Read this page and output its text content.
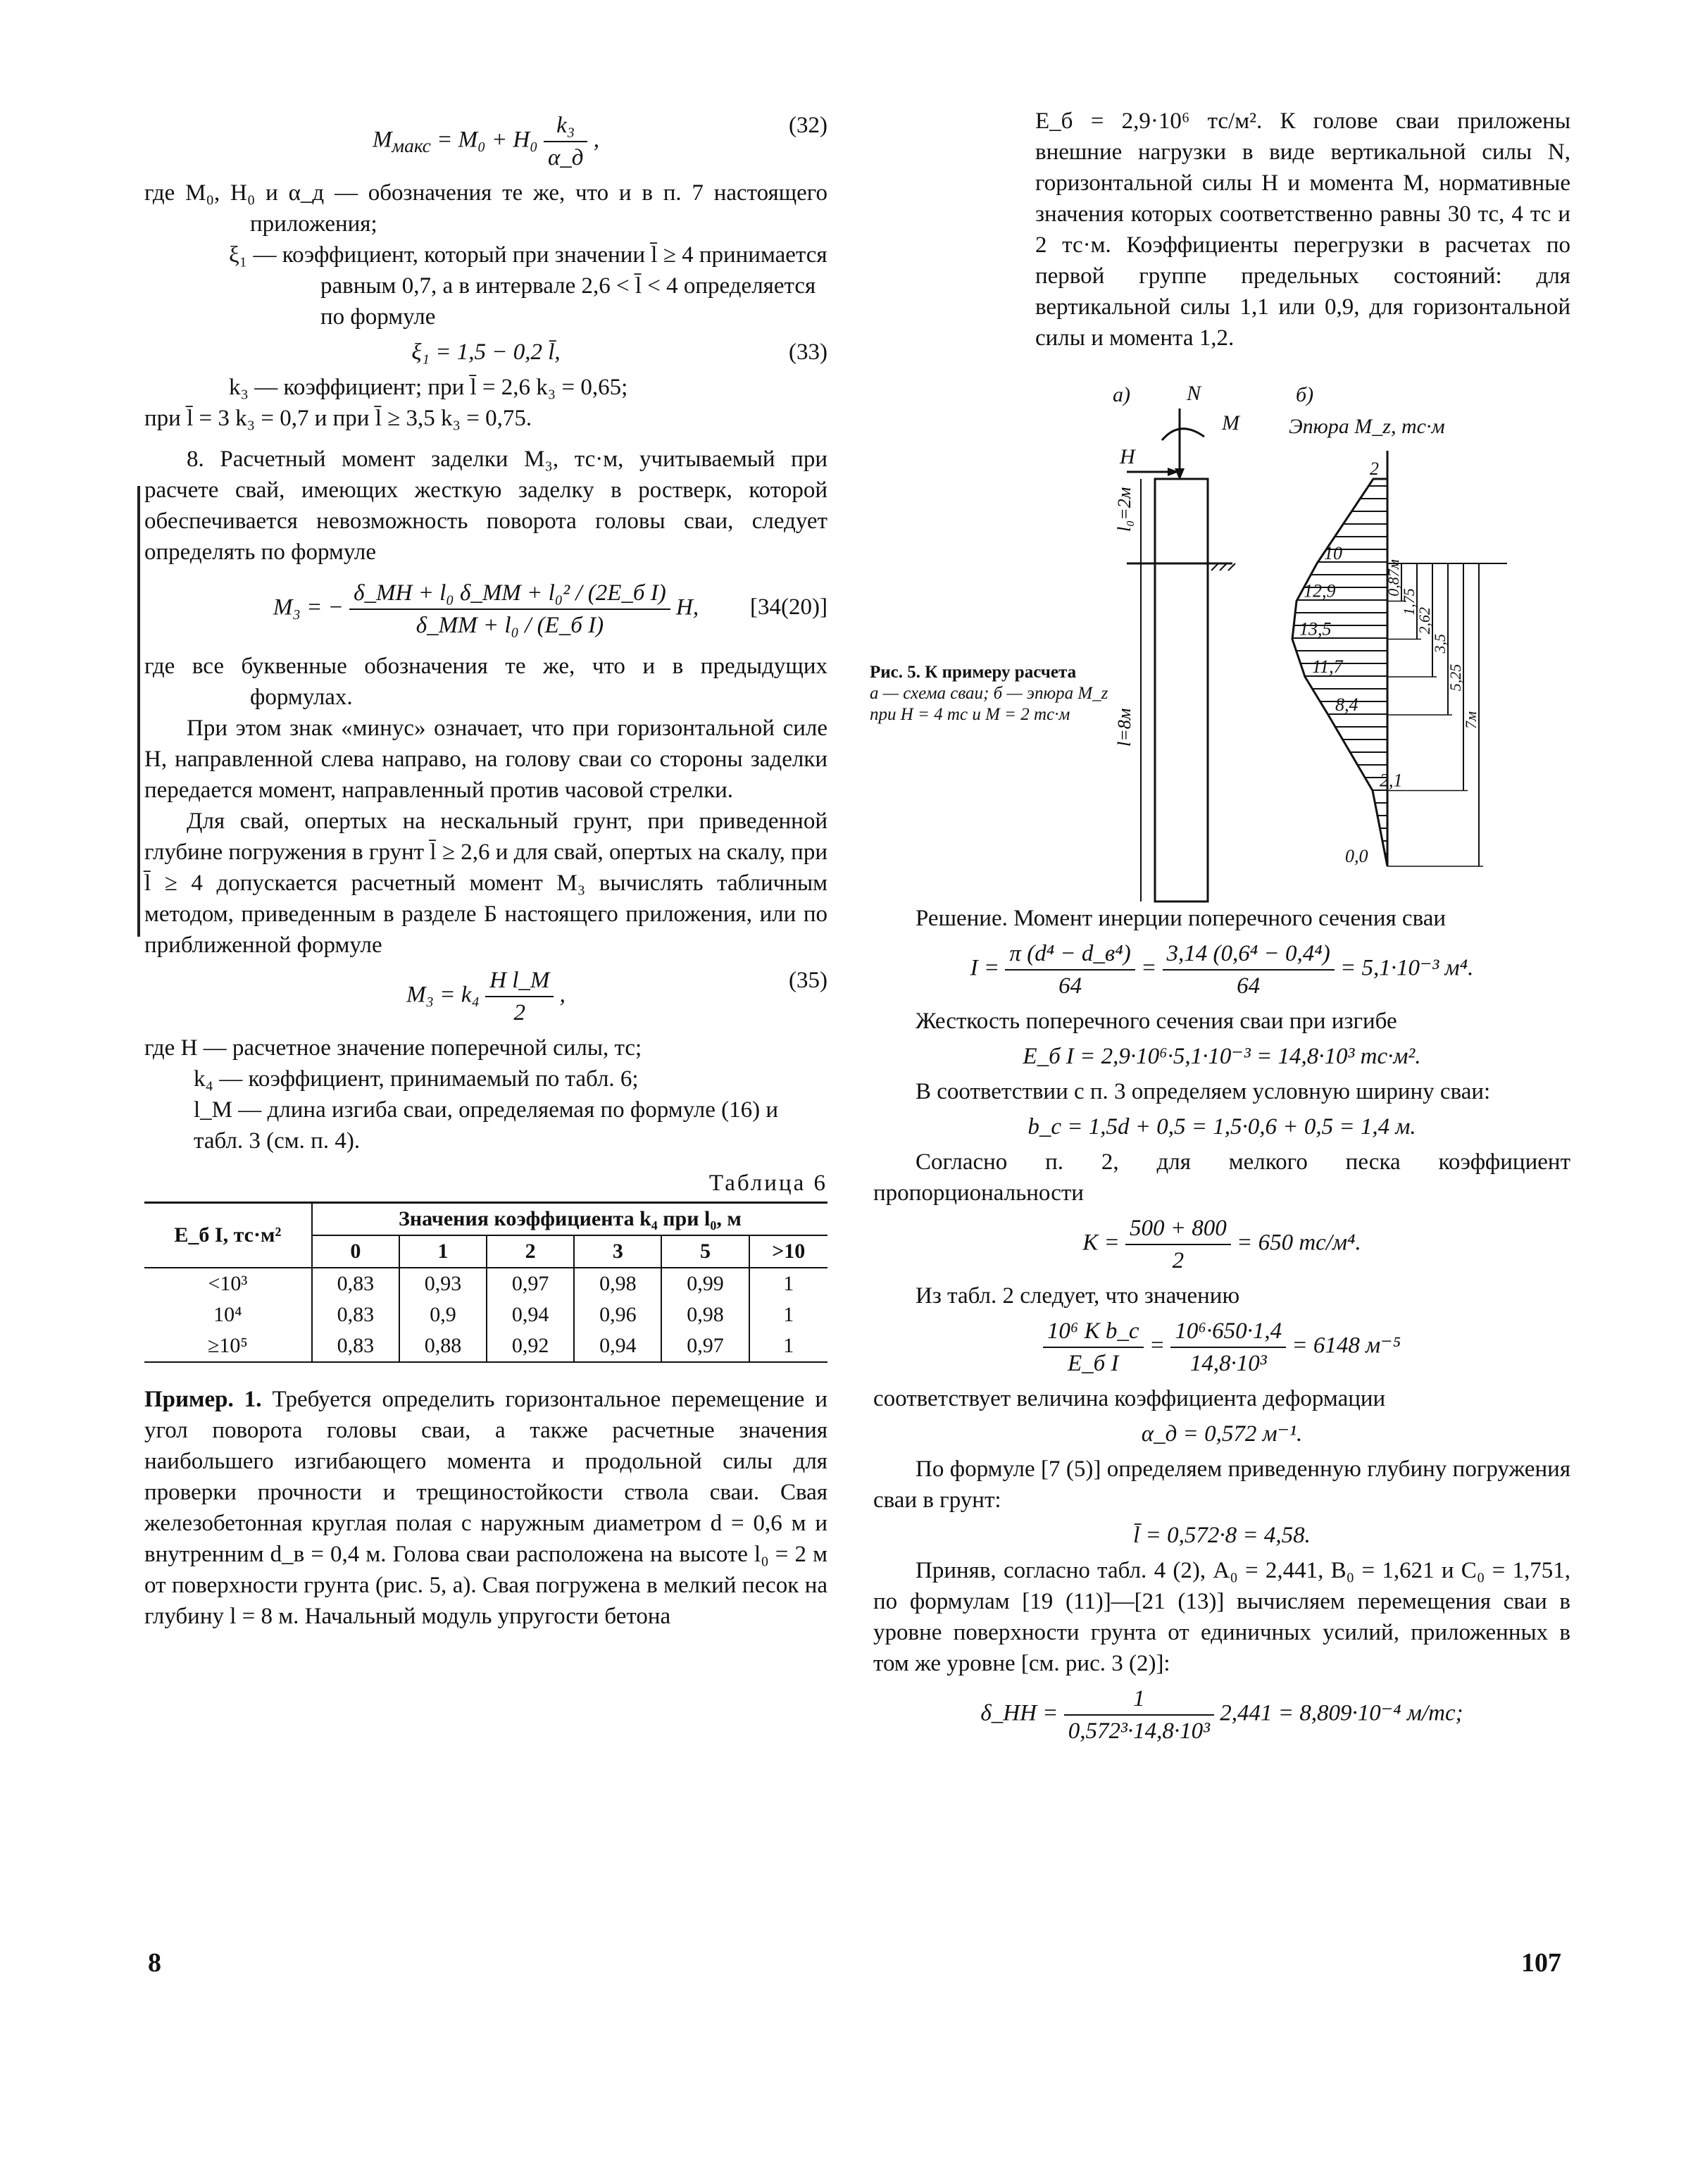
$M_{макс} = M_0 + H_0 \frac{\text{k₃}}{\alpha\_д}$ ,
(32)

где M₀, H₀ и α_д — обозначения те же, что и в п. 7 настоящего приложения;

ξ₁ — коэффициент, который при значении l̄ ≥ 4 принимается равным 0,7, а в интервале 2,6 < l̄ < 4 определяется по формуле

ξ₁ = 1,5 − 0,2 l̄,	(33)

k₃ — коэффициент; при l̄ = 2,6 k₃ = 0,65;

при l̄ = 3 k₃ = 0,7 и при l̄ ≥ 3,5 k₃ = 0,75.

8. Расчетный момент заделки M₃, тс·м, учитываемый при расчете свай, имеющих жесткую заделку в ростверк, которой обеспечивается невозможность поворота головы сваи, следует определять по формуле

M₃ = − $\frac{\text{δ\_MH + l₀ δ\_MM + l₀² / (2E\_б I)}}{\text{δ\_MM + l₀ / (E\_б I)}} H$, [34(20)]

где все буквенные обозначения те же, что и в предыдущих формулах.

При этом знак «минус» означает, что при горизонтальной силе H, направленной слева направо, на голову сваи со стороны заделки передается момент, направленный против часовой стрелки.

Для свай, опертых на нескальный грунт, при приведенной глубине погружения в грунт l̄ ≥ 2,6 и для свай, опертых на скалу, при l̄ ≥ 4 допускается расчетный момент M₃ вычислять табличным методом, приведенным в разделе Б настоящего приложения, или по приближенной формуле

$M_3 = k_4 \frac{\text{H l\_M}}{2}$ ,
(35)

где H — расчетное значение поперечной силы, тс;

k₄ — коэффициент, принимаемый по табл. 6;

l_M — длина изгиба сваи, определяемая по формуле (16) и табл. 3 (см. п. 4).

Таблица 6

E_б I, тс·м²	Значения коэффициента k₄ при l₀, м					
	0	1	2	3	5	>10
<10³	0,83	0,93	0,97	0,98	0,99	1
10⁴	0,83	0,9	0,94	0,96	0,98	1
≥10⁵	0,83	0,88	0,92	0,94	0,97	1

Пример. 1. Требуется определить горизонтальное перемещение и угол поворота головы сваи, а также расчетные значения наибольшего изгибающего момента и продольной силы для проверки прочности и трещиностойкости ствола сваи. Свая железобетонная круглая полая с наружным диаметром d = 0,6 м и внутренним d_в = 0,4 м. Голова сваи расположена на высоте l₀ = 2 м от поверхности грунта (рис. 5, а). Свая погружена в мелкий песок на глубину l = 8 м. Начальный модуль упругости бетона

E_б = 2,9·10⁶ тс/м². К голове сваи приложены внешние нагрузки в виде вертикальной силы N, горизонтальной силы H и момента M, нормативные значения которых соответственно равны 30 тс, 4 тс и 2 тс·м. Коэффициенты перегрузки в расчетах по первой группе предельных состояний: для вертикальной силы 1,1 или 0,9, для горизонтальной силы и момента 1,2.

Решение. Момент инерции поперечного сечения сваи

$I = \frac{\text{π (d⁴ − d\_в⁴)}}{64} = \frac{\text{3,14 (0,6⁴ − 0,4⁴)}}{64} = 5,1\cdot 10^{-3}$ м⁴.

Жесткость поперечного сечения сваи при изгибе

E_б I = 2,9·10⁶·5,1·10⁻³ = 14,8·10³ тс·м².

В соответствии с п. 3 определяем условную ширину сваи:

b_c = 1,5d + 0,5 = 1,5·0,6 + 0,5 = 1,4 м.

Согласно п. 2, для мелкого песка коэффициент пропорциональности

$K = \frac{500 + 800}{2} = 650$ тс/м⁴.

Из табл. 2 следует, что значению

$\frac{\text{10⁶ K b\_c}}{\text{E\_б I}} = \frac{\text{10⁶·650·1,4}}{\text{14,8·10³}} = 6148$ м⁻⁵

соответствует величина коэффициента деформации

α_д = 0,572 м⁻¹.

По формуле [7 (5)] определяем приведенную глубину погружения сваи в грунт:

l̄ = 0,572·8 = 4,58.

Приняв, согласно табл. 4 (2), A₀ = 2,441, B₀ = 1,621 и C₀ = 1,751, по формулам [19 (11)]—[21 (13)] вычисляем перемещения сваи в уровне поверхности грунта от единичных усилий, приложенных в том же уровне [см. рис. 3 (2)]:

δ_HH = $\frac{1}{\text{0,572³·14,8·10³}} 2,441 = 8,809\cdot 10^{-4}$ м/тс;
Рис. 5. К примеру расчета
а — схема сваи; б — эпюра M_z при H = 4 тс и M = 2 тс·м
а)	N
M
H
б)
Эпюра M_z, тс·м
l₀=2м
l=8м
2
10
12,9
13,5
11,7
8,4
2,1
0,0
0,87м
1,75
2,62
3,5
5,25
7м
8	107
